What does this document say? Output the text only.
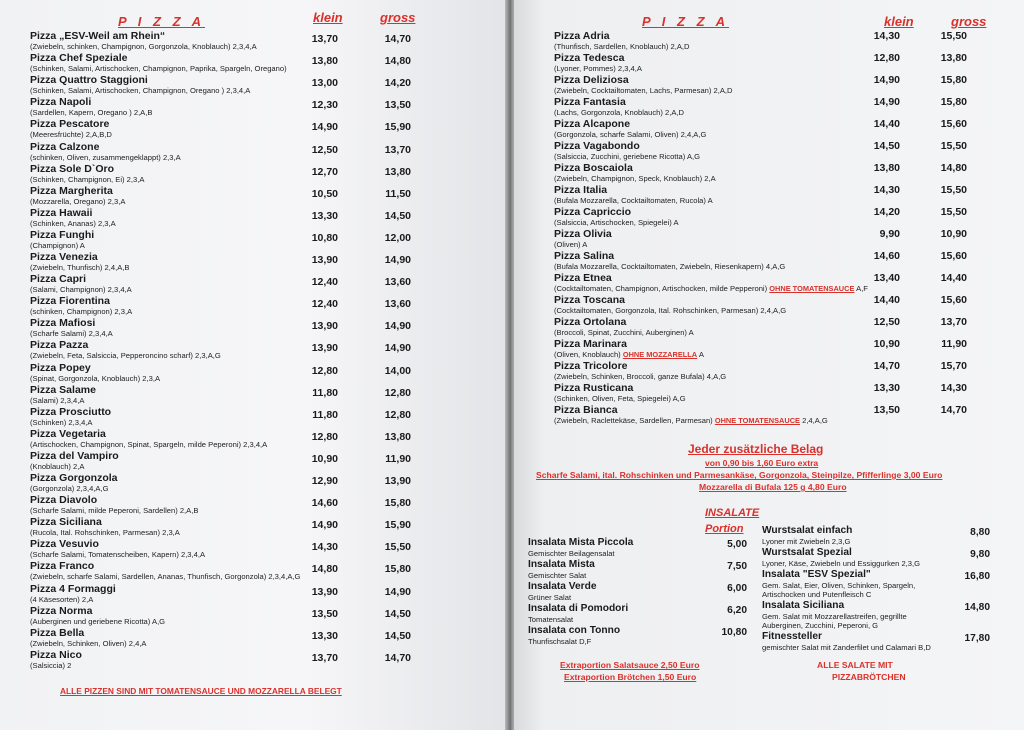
P I Z Z A	klein	gross
Pizza „ESV-Weil am Rhein“
(Zwiebeln, schinken, Champignon, Gorgonzola, Knoblauch) 2,3,4,A
13,70	14,70
Pizza Chef Speziale
(Schinken, Salami, Artischocken, Champignon, Paprika, Spargeln, Oregano)
13,80	14,80
Pizza Quattro Staggioni
(Schinken, Salami, Artischocken, Champignon, Oregano ) 2,3,4,A
13,00	14,20
Pizza Napoli
(Sardellen, Kapern, Oregano ) 2,A,B
12,30	13,50
Pizza Pescatore
(Meeresfrüchte) 2,A,B,D
14,90	15,90
Pizza Calzone
(schinken, Oliven, zusammengeklappt) 2,3,A
12,50	13,70
Pizza Sole D`Oro
(Schinken, Champignon, Ei) 2,3,A
12,70	13,80
Pizza Margherita
(Mozzarella, Oregano) 2,3,A
10,50	11,50
Pizza Hawaii
(Schinken, Ananas) 2,3,A
13,30	14,50
Pizza Funghi
(Champignon) A
10,80	12,00
Pizza Venezia
(Zwiebeln, Thunfisch) 2,4,A,B
13,90	14,90
Pizza Capri
(Salami, Champignon) 2,3,4,A
12,40	13,60
Pizza Fiorentina
(schinken, Champignon) 2,3,A
12,40	13,60
Pizza Mafiosi
(Scharfe Salami) 2,3,4,A
13,90	14,90
Pizza Pazza
(Zwiebeln, Feta, Salsiccia, Pepperoncino scharf) 2,3,A,G
13,90	14,90
Pizza Popey
(Spinat, Gorgonzola, Knoblauch) 2,3,A
12,80	14,00
Pizza Salame
(Salami) 2,3,4,A
11,80	12,80
Pizza Prosciutto
(Schinken) 2,3,4,A
11,80	12,80
Pizza Vegetaria
(Artischocken, Champignon, Spinat, Spargeln, milde Peperoni) 2,3,4,A
12,80	13,80
Pizza del Vampiro
(Knoblauch) 2,A
10,90	11,90
Pizza Gorgonzola
(Gorgonzola) 2,3,4,A,G
12,90	13,90
Pizza Diavolo
(Scharfe Salami, milde Peperoni, Sardellen) 2,A,B
14,60	15,80
Pizza Siciliana
(Rucola, Ital. Rohschinken, Parmesan) 2,3,A
14,90	15,90
Pizza Vesuvio
(Scharfe Salami, Tomatenscheiben, Kapern) 2,3,4,A
14,30	15,50
Pizza Franco
(Zwiebeln, scharfe Salami, Sardellen, Ananas, Thunfisch, Gorgonzola) 2,3,4,A,G
14,80	15,80
Pizza 4 Formaggi
(4 Käsesorten) 2,A
13,90	14,90
Pizza Norma
(Auberginen und geriebene Ricotta) A,G
13,50	14,50
Pizza Bella
(Zwiebeln, Schinken, Oliven) 2,4,A
13,30	14,50
Pizza Nico
(Salsiccia) 2
13,70	14,70
ALLE PIZZEN SIND MIT TOMATENSAUCE UND MOZZARELLA BELEGT
P I Z Z A	klein	gross
Pizza Adria
(Thunfisch, Sardellen, Knoblauch) 2,A,D
14,30	15,50
Pizza Tedesca
(Lyoner, Pommes) 2,3,4,A
12,80	13,80
Pizza Deliziosa
(Zwiebeln, Cocktailtomaten, Lachs, Parmesan) 2,A,D
14,90	15,80
Pizza Fantasia
(Lachs, Gorgonzola, Knoblauch) 2,A,D
14,90	15,80
Pizza Alcapone
(Gorgonzola, scharfe Salami, Oliven) 2,4,A,G
14,40	15,60
Pizza Vagabondo
(Salsiccia, Zucchini, geriebene Ricotta) A,G
14,50	15,50
Pizza Boscaiola
(Zwiebeln, Champignon, Speck, Knoblauch) 2,A
13,80	14,80
Pizza Italia
(Bufala Mozzarella, Cocktailtomaten, Rucola) A
14,30	15,50
Pizza Capriccio
(Salsiccia, Artischocken, Spiegelei) A
14,20	15,50
Pizza Olivia
(Oliven) A
9,90	10,90
Pizza Salina
(Bufala Mozzarella, Cocktailtomaten, Zwiebeln, Riesenkapern) 4,A,G
14,60	15,60
Pizza Etnea
(Cocktailtomaten, Champignon, Artischocken, milde Pepperoni) OHNE TOMATENSAUCE A,F
13,40	14,40
Pizza Toscana
(Cocktailtomaten, Gorgonzola, Ital. Rohschinken, Parmesan) 2,4,A,G
14,40	15,60
Pizza Ortolana
(Broccoli, Spinat, Zucchini, Auberginen) A
12,50	13,70
Pizza Marinara
(Oliven, Knoblauch) OHNE MOZZARELLA A
10,90	11,90
Pizza Tricolore
(Zwiebeln, Schinken, Broccoli, ganze Bufala) 4,A,G
14,70	15,70
Pizza Rusticana
(Schinken, Oliven, Feta, Spiegelei) A,G
13,30	14,30
Pizza Bianca
(Zwiebeln, Raclettekäse, Sardellen, Parmesan) OHNE TOMATENSAUCE 2,4,A,G
13,50	14,70
Jeder zusätzliche Belag
von 0,90 bis 1,60 Euro extra
Scharfe Salami, ital. Rohschinken und Parmesankäse, Gorgonzola, Steinpilze, Pfifferlinge 3,00 Euro
Mozzarella di Bufala 125 g 4,80 Euro
INSALATE
Portion
Insalata Mista Piccola
Gemischter Beilagensalat
5,00
Insalata Mista
Gemischter Salat
7,50
Insalata Verde
Grüner Salat
6,00
Insalata di Pomodori
Tomatensalat
6,20
Insalata con Tonno
Thunfischsalat D,F
10,80
Wurstsalat einfach
Lyoner mit Zwiebeln 2,3,G
8,80
Wurstsalat Spezial
Lyoner, Käse, Zwiebeln und Essiggurken 2,3,G
9,80
Insalata "ESV Spezial"
Gem. Salat, Eier, Oliven, Schinken, Spargeln,
Artischocken und Putenfleisch C
16,80
Insalata Siciliana
Gem. Salat mit Mozzarellastreifen, gegrillte
Auberginen, Zucchini, Peperoni, G
14,80
Fitnessteller
gemischter Salat mit Zanderfilet und Calamari B,D
17,80
Extraportion Salatsauce 2,50 Euro
Extraportion Brötchen 1,50 Euro
ALLE SALATE MIT
PIZZABRÖTCHEN
